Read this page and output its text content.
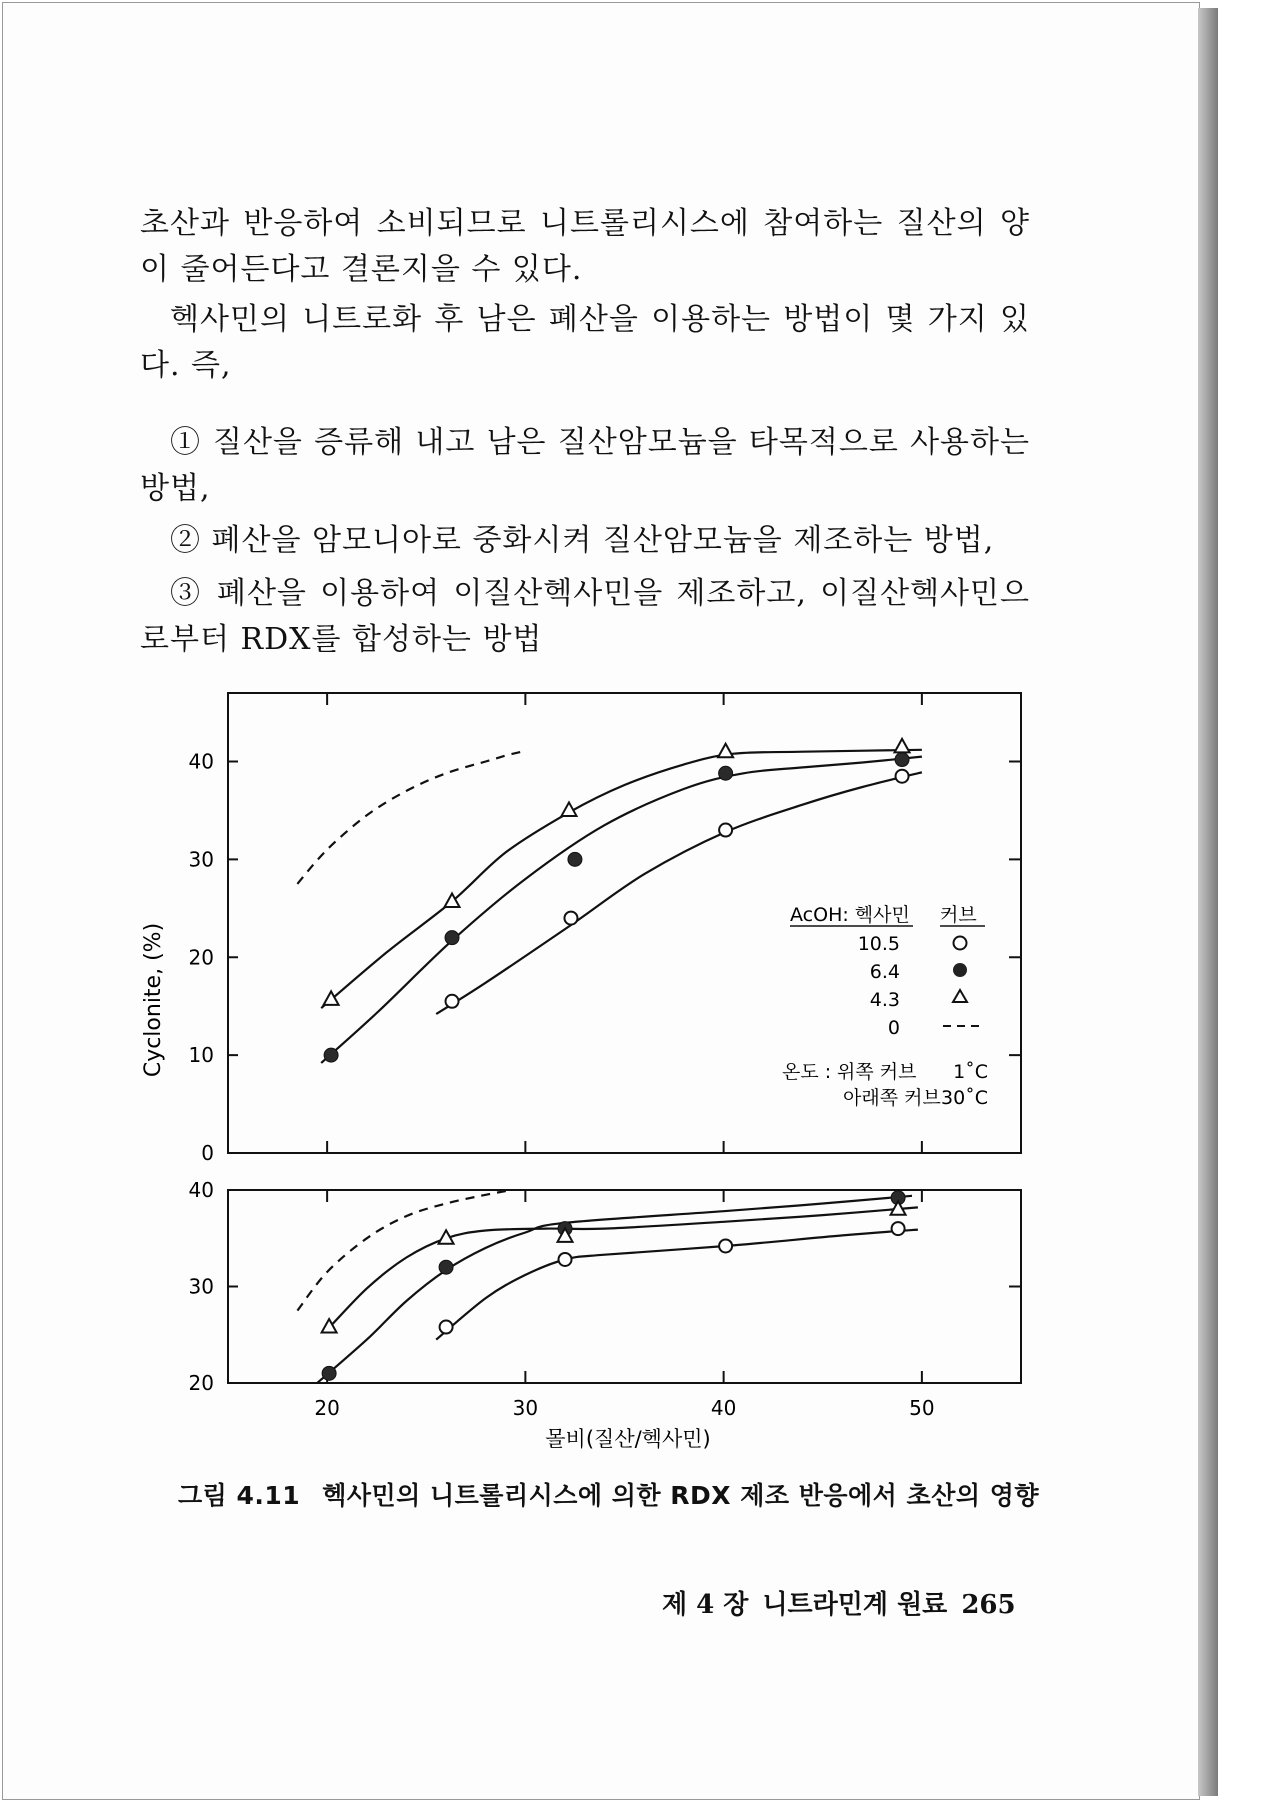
초산과 반응하여 소비되므로 니트롤리시스에 참여하는 질산의 양이 줄어든다고 결론지을 수 있다.

헥사민의 니트로화 후 남은 폐산을 이용하는 방법이 몇 가지 있다. 즉,

① 질산을 증류해 내고 남은 질산암모늄을 타목적으로 사용하는 방법,

② 폐산을 암모니아로 중화시켜 질산암모늄을 제조하는 방법,

③ 폐산을 이용하여 이질산헥사민을 제조하고, 이질산헥사민으로부터 RDX를 합성하는 방법

Cyclonite, (%)
0
10
20
30
40
AcOH: 헥사민 커브
10.5
6.4
4.3
0
온도 : 위쪽 커브 1˚C
아래쪽 커브 30˚C
20
30
40
20	30	40	50
몰비(질산/헥사민)
그림 4.11 헥사민의 니트롤리시스에 의한 RDX 제조 반응에서 초산의 영향
제 4 장 니트라민계 원료 265
